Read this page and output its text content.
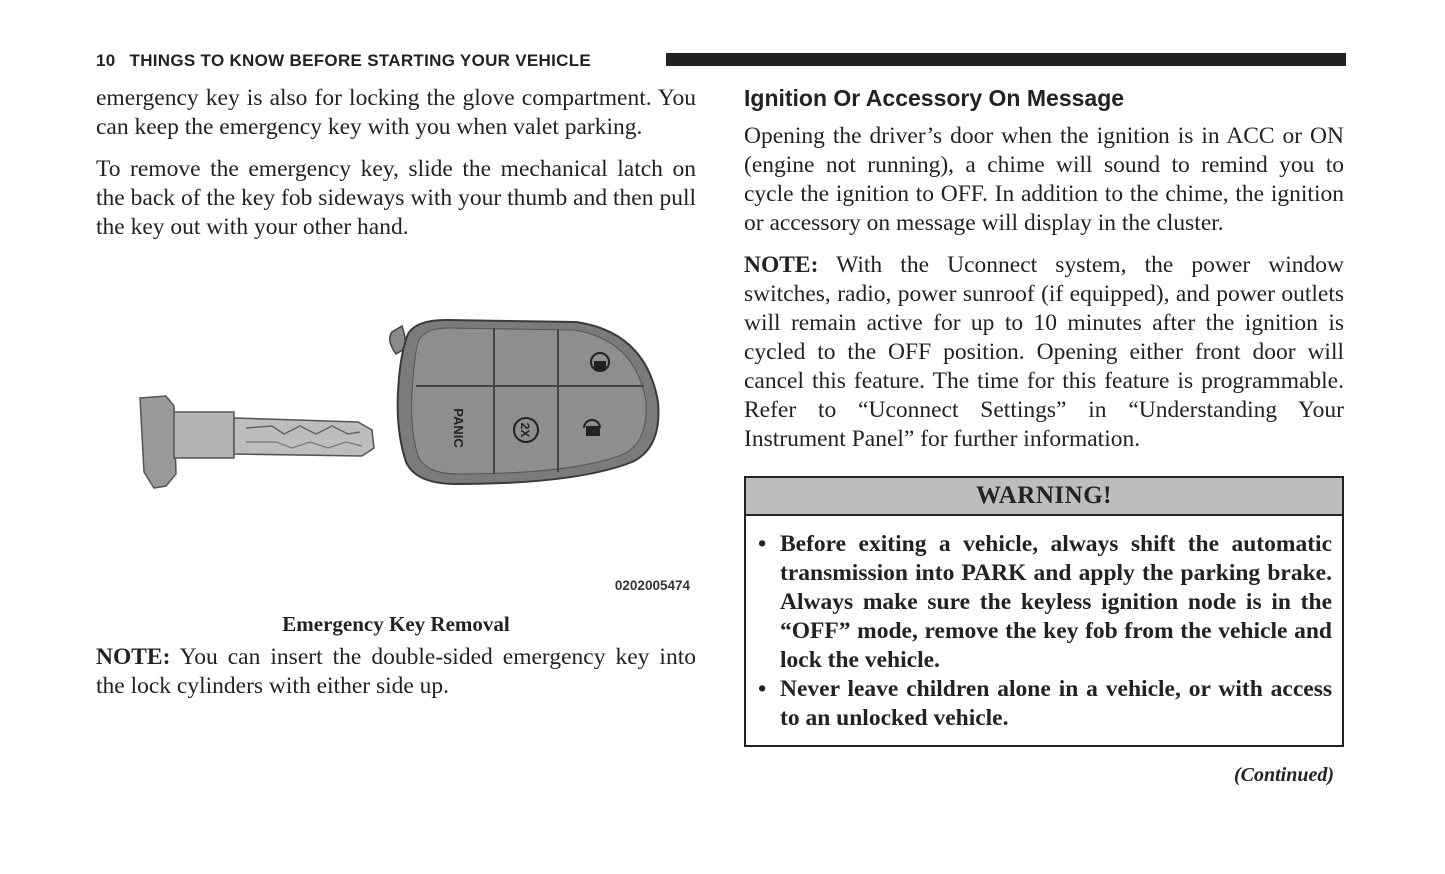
10 THINGS TO KNOW BEFORE STARTING YOUR VEHICLE

emergency key is also for locking the glove compartment. You can keep the emergency key with you when valet parking.

To remove the emergency key, slide the mechanical latch on the back of the key fob sideways with your thumb and then pull the key out with your other hand.

2X
PANIC
0202005474
Emergency Key Removal

NOTE: You can insert the double-sided emergency key into the lock cylinders with either side up.

Ignition Or Accessory On Message

Opening the driver’s door when the ignition is in ACC or ON (engine not running), a chime will sound to remind you to cycle the ignition to OFF. In addition to the chime, the ignition or accessory on message will display in the cluster.

NOTE: With the Uconnect system, the power window switches, radio, power sunroof (if equipped), and power outlets will remain active for up to 10 minutes after the ignition is cycled to the OFF position. Opening either front door will cancel this feature. The time for this feature is programmable. Refer to “Uconnect Settings” in “Understanding Your Instrument Panel” for further information.

WARNING!
• Before exiting a vehicle, always shift the automatic transmission into PARK and apply the parking brake. Always make sure the keyless ignition node is in the “OFF” mode, remove the key fob from the vehicle and lock the vehicle.
• Never leave children alone in a vehicle, or with access to an unlocked vehicle.
(Continued)
